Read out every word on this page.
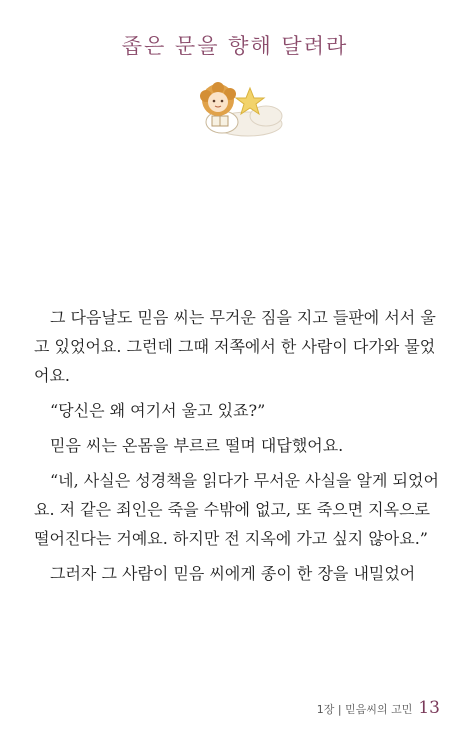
좁은 문을 향해 달려라

그 다음날도 믿음 씨는 무거운 짐을 지고 들판에 서서 울고 있었어요. 그런데 그때 저쪽에서 한 사람이 다가와 물었어요.

“당신은 왜 여기서 울고 있죠?”

믿음 씨는 온몸을 부르르 떨며 대답했어요.

“네, 사실은 성경책을 읽다가 무서운 사실을 알게 되었어요. 저 같은 죄인은 죽을 수밖에 없고, 또 죽으면 지옥으로 떨어진다는 거예요. 하지만 전 지옥에 가고 싶지 않아요.”

그러자 그 사람이 믿음 씨에게 종이 한 장을 내밀었어

1장 | 믿음씨의 고민 13
